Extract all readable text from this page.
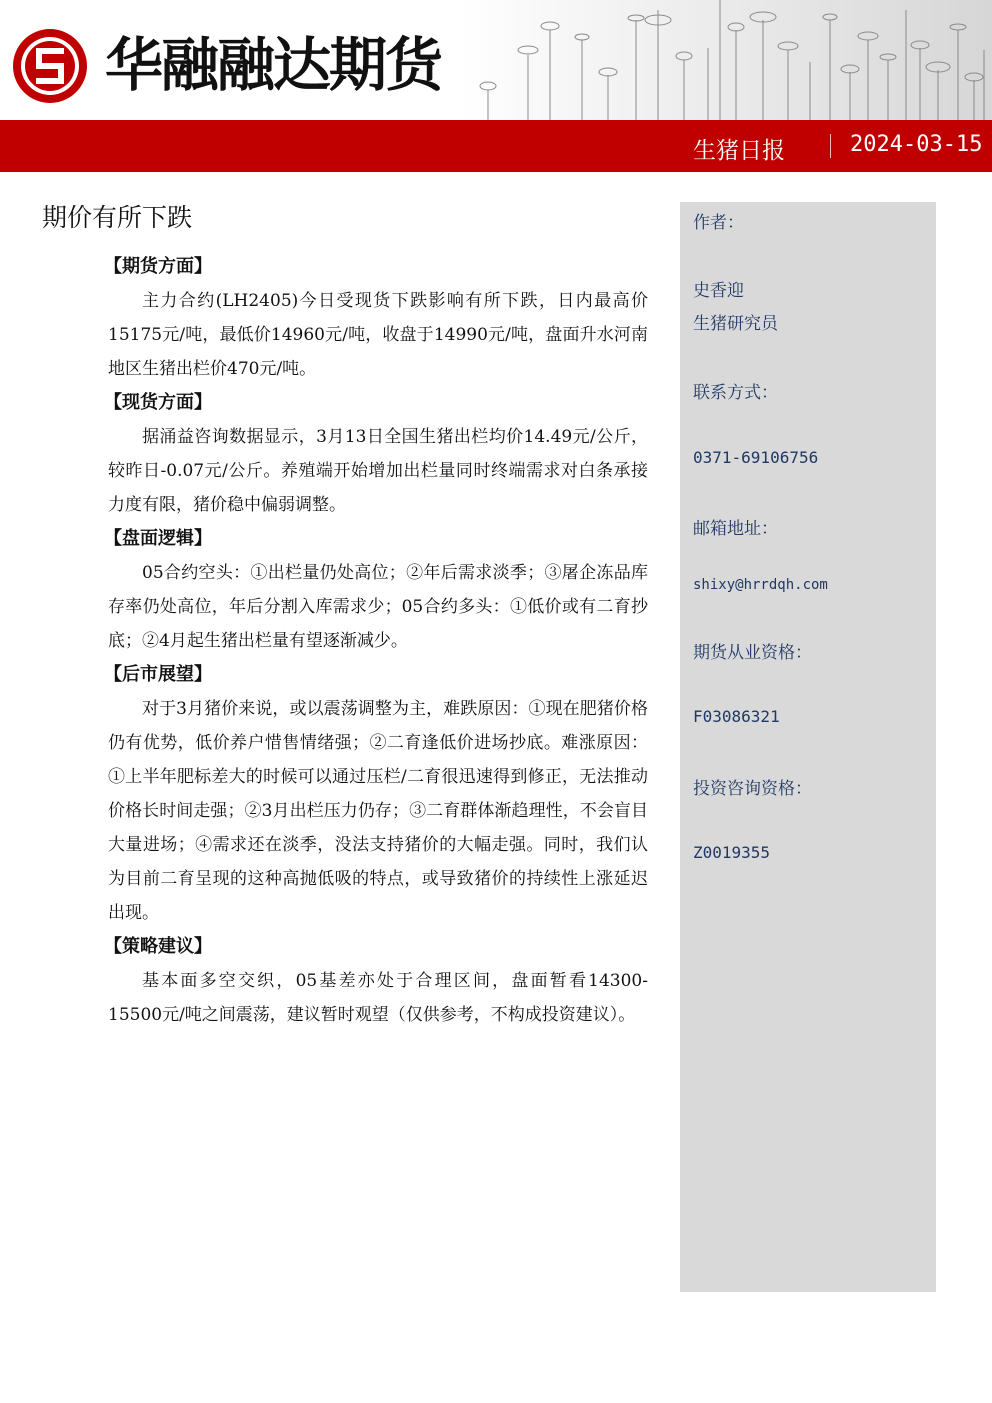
华融融达期货
生猪日报	2024-03-15
期价有所下跌

【期货方面】

主力合约(LH2405)今日受现货下跌影响有所下跌，日内最高价15175元/吨，最低价14960元/吨，收盘于14990元/吨，盘面升水河南地区生猪出栏价470元/吨。

【现货方面】

据涌益咨询数据显示，3月13日全国生猪出栏均价14.49元/公斤，较昨日-0.07元/公斤。养殖端开始增加出栏量同时终端需求对白条承接力度有限，猪价稳中偏弱调整。

【盘面逻辑】

05合约空头：①出栏量仍处高位；②年后需求淡季；③屠企冻品库存率仍处高位，年后分割入库需求少；05合约多头：①低价或有二育抄底；②4月起生猪出栏量有望逐渐减少。

【后市展望】

对于3月猪价来说，或以震荡调整为主，难跌原因：①现在肥猪价格仍有优势，低价养户惜售情绪强；②二育逢低价进场抄底。难涨原因：①上半年肥标差大的时候可以通过压栏/二育很迅速得到修正，无法推动价格长时间走强；②3月出栏压力仍存；③二育群体渐趋理性，不会盲目大量进场；④需求还在淡季，没法支持猪价的大幅走强。同时，我们认为目前二育呈现的这种高抛低吸的特点，或导致猪价的持续性上涨延迟出现。

【策略建议】

基本面多空交织，05基差亦处于合理区间，盘面暂看14300-15500元/吨之间震荡，建议暂时观望（仅供参考，不构成投资建议）。

作者：
史香迎
生猪研究员
联系方式：
0371-69106756
邮箱地址：
shixy@hrrdqh.com
期货从业资格：
F03086321
投资咨询资格：
Z0019355
